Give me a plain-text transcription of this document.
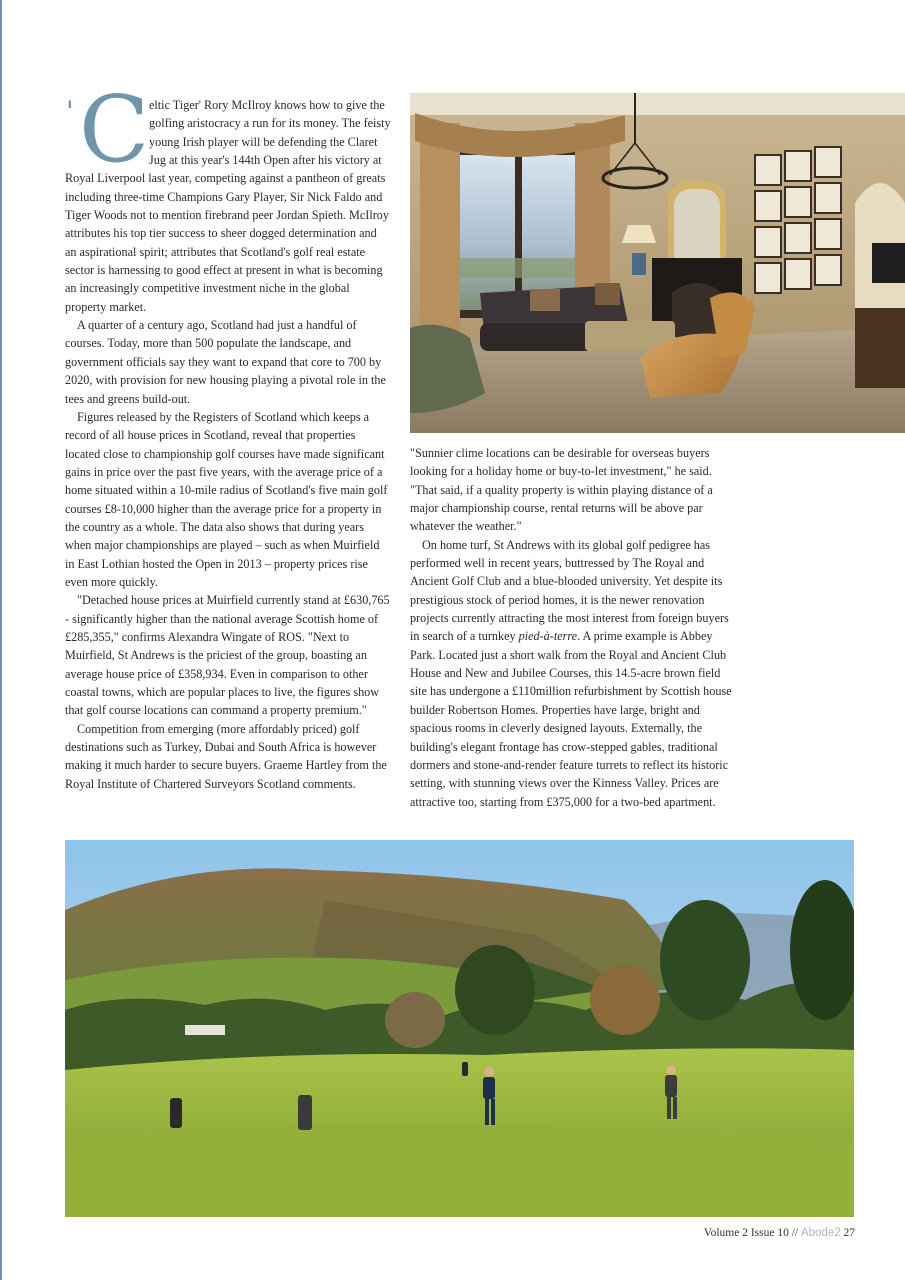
' C eltic Tiger' Rory McIlroy knows how to give the golfing aristocracy a run for its money. The feisty young Irish player will be defending the Claret Jug at this year's 144th Open after his victory at Royal Liverpool last year, competing against a pantheon of greats including three-time Champions Gary Player, Sir Nick Faldo and Tiger Woods not to mention firebrand peer Jordan Spieth. McIlroy attributes his top tier success to sheer dogged determination and an aspirational spirit; attributes that Scotland's golf real estate sector is harnessing to good effect at present in what is becoming an increasingly competitive investment niche in the global property market.

A quarter of a century ago, Scotland had just a handful of courses. Today, more than 500 populate the landscape, and government officials say they want to expand that core to 700 by 2020, with provision for new housing playing a pivotal role in the tees and greens build-out.

Figures released by the Registers of Scotland which keeps a record of all house prices in Scotland, reveal that properties located close to championship golf courses have made significant gains in price over the past five years, with the average price of a home situated within a 10-mile radius of Scotland's five main golf courses £8-10,000 higher than the average price for a property in the country as a whole. The data also shows that during years when major championships are played – such as when Muirfield in East Lothian hosted the Open in 2013 – property prices rise even more quickly.

"Detached house prices at Muirfield currently stand at £630,765 - significantly higher than the national average Scottish home of £285,355," confirms Alexandra Wingate of ROS. "Next to Muirfield, St Andrews is the priciest of the group, boasting an average house price of £358,934. Even in comparison to other coastal towns, which are popular places to live, the figures show that golf course locations can command a property premium."

Competition from emerging (more affordably priced) golf destinations such as Turkey, Dubai and South Africa is however making it much harder to secure buyers. Graeme Hartley from the Royal Institute of Chartered Surveyors Scotland comments.

"Sunnier clime locations can be desirable for overseas buyers looking for a holiday home or buy-to-let investment," he said. "That said, if a quality property is within playing distance of a major championship course, rental returns will be above par whatever the weather."

On home turf, St Andrews with its global golf pedigree has performed well in recent years, buttressed by The Royal and Ancient Golf Club and a blue-blooded university. Yet despite its prestigious stock of period homes, it is the newer renovation projects currently attracting the most interest from foreign buyers in search of a turnkey pied-à-terre. A prime example is Abbey Park. Located just a short walk from the Royal and Ancient Club House and New and Jubilee Courses, this 14.5-acre brown field site has undergone a £110million refurbishment by Scottish house builder Robertson Homes. Properties have large, bright and spacious rooms in cleverly designed layouts. Externally, the building's elegant frontage has crow-stepped gables, traditional dormers and stone-and-render feature turrets to reflect its historic setting, with stunning views over the Kinness Valley. Prices are attractive too, starting from £375,000 for a two-bed apartment.

Volume 2 Issue 10 // Abode2 27
